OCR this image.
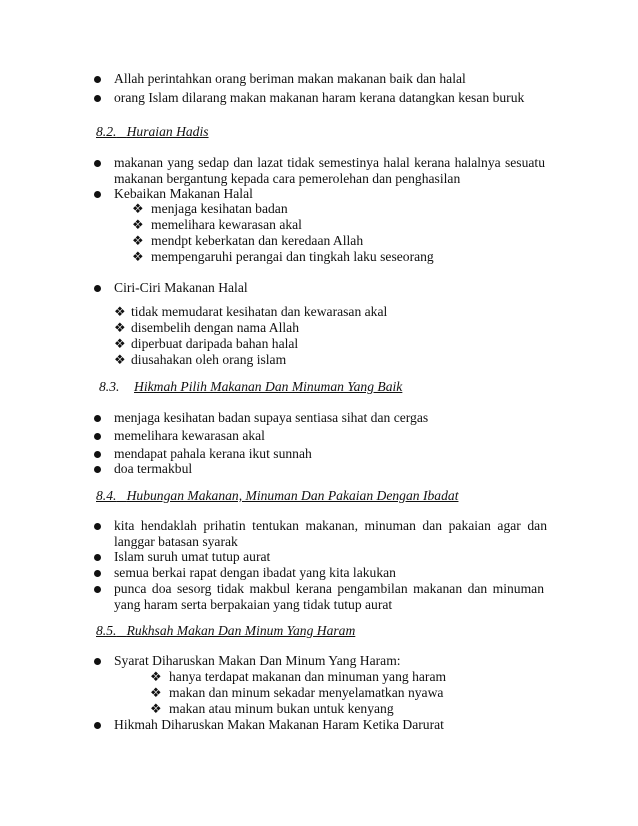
Allah perintahkan orang beriman makan makanan baik dan halal
orang Islam dilarang makan makanan haram kerana datangkan kesan buruk
8.2. Huraian Hadis
makanan yang sedap dan lazat tidak semestinya halal kerana halalnya sesuatu
makanan bergantung kepada cara pemerolehan dan penghasilan
Kebaikan Makanan Halal
❖ menjaga kesihatan badan
❖ memelihara kewarasan akal
❖ mendpt keberkatan dan keredaan Allah
❖ mempengaruhi perangai dan tingkah laku seseorang
Ciri-Ciri Makanan Halal
❖ tidak memudarat kesihatan dan kewarasan akal
❖ disembelih dengan nama Allah
❖ diperbuat daripada bahan halal
❖ diusahakan oleh orang islam
8.3. Hikmah Pilih Makanan Dan Minuman Yang Baik
menjaga kesihatan badan supaya sentiasa sihat dan cergas
memelihara kewarasan akal
mendapat pahala kerana ikut sunnah
doa termakbul
8.4. Hubungan Makanan, Minuman Dan Pakaian Dengan Ibadat
kita hendaklah prihatin tentukan makanan, minuman dan pakaian agar dan
langgar batasan syarak
Islam suruh umat tutup aurat
semua berkai rapat dengan ibadat yang kita lakukan
punca doa sesorg tidak makbul kerana pengambilan makanan dan minuman
yang haram serta berpakaian yang tidak tutup aurat
8.5. Rukhsah Makan Dan Minum Yang Haram
Syarat Diharuskan Makan Dan Minum Yang Haram:
❖ hanya terdapat makanan dan minuman yang haram
❖ makan dan minum sekadar menyelamatkan nyawa
❖ makan atau minum bukan untuk kenyang
Hikmah Diharuskan Makan Makanan Haram Ketika Darurat
